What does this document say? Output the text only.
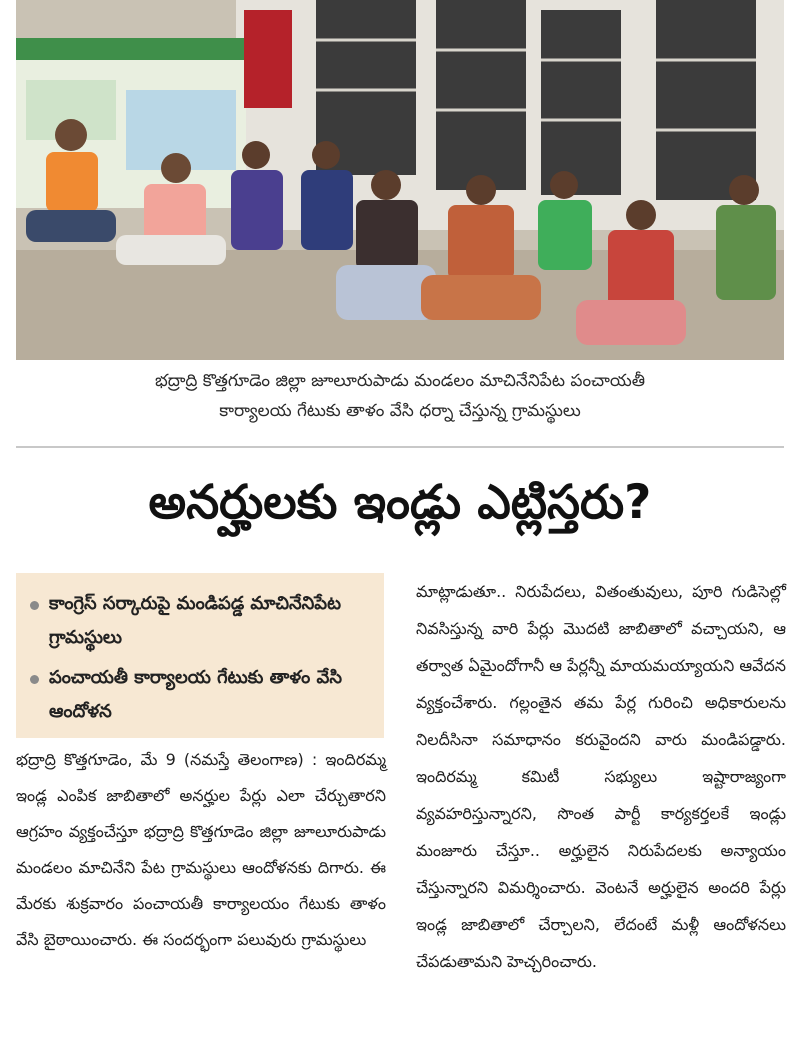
భద్రాద్రి కొత్తగూడెం జిల్లా జూలూరుపాడు మండలం మాచినేనిపేట పంచాయతీ
కార్యాలయ గేటుకు తాళం వేసి ధర్నా చేస్తున్న గ్రామస్థులు
అనర్హులకు ఇండ్లు ఎట్లిస్తరు?
కాంగ్రెస్ సర్కారుపై మండిపడ్డ మాచినేనిపేట గ్రామస్థులు
పంచాయతీ కార్యాలయ గేటుకు తాళం వేసి ఆందోళన

భద్రాద్రి కొత్తగూడెం, మే 9 (నమస్తే తెలంగాణ) : ఇందిరమ్మ ఇండ్ల ఎంపిక జాబితాలో అనర్హుల పేర్లు ఎలా చేర్చుతారని ఆగ్రహం వ్యక్తంచేస్తూ భద్రాద్రి కొత్తగూడెం జిల్లా జూలూరుపాడు మండలం మాచినేని పేట గ్రామస్థులు ఆందోళనకు దిగారు. ఈ మేరకు శుక్రవారం పంచాయతీ కార్యాలయం గేటుకు తాళం వేసి బైఠాయించారు. ఈ సందర్భంగా పలువురు గ్రామస్థులు

మాట్లాడుతూ.. నిరుపేదలు, వితంతువులు, పూరి గుడిసెల్లో నివసిస్తున్న వారి పేర్లు మొదటి జాబితాలో వచ్చాయని, ఆ తర్వాత ఏమైందోగానీ ఆ పేర్లన్నీ మాయమయ్యాయని ఆవేదన వ్యక్తంచేశారు. గల్లంతైన తమ పేర్ల గురించి అధికారులను నిలదీసినా సమాధానం కరువైందని వారు మండిపడ్డారు. ఇందిరమ్మ కమిటీ సభ్యులు ఇష్టారాజ్యంగా వ్యవహరిస్తున్నారని, సొంత పార్టీ కార్యకర్తలకే ఇండ్లు మంజూరు చేస్తూ.. అర్హులైన నిరుపేదలకు అన్యాయం చేస్తున్నారని విమర్శించారు. వెంటనే అర్హులైన అందరి పేర్లు ఇండ్ల జాబితాలో చేర్చాలని, లేదంటే మళ్లీ ఆందోళనలు చేపడుతామని హెచ్చరించారు.
